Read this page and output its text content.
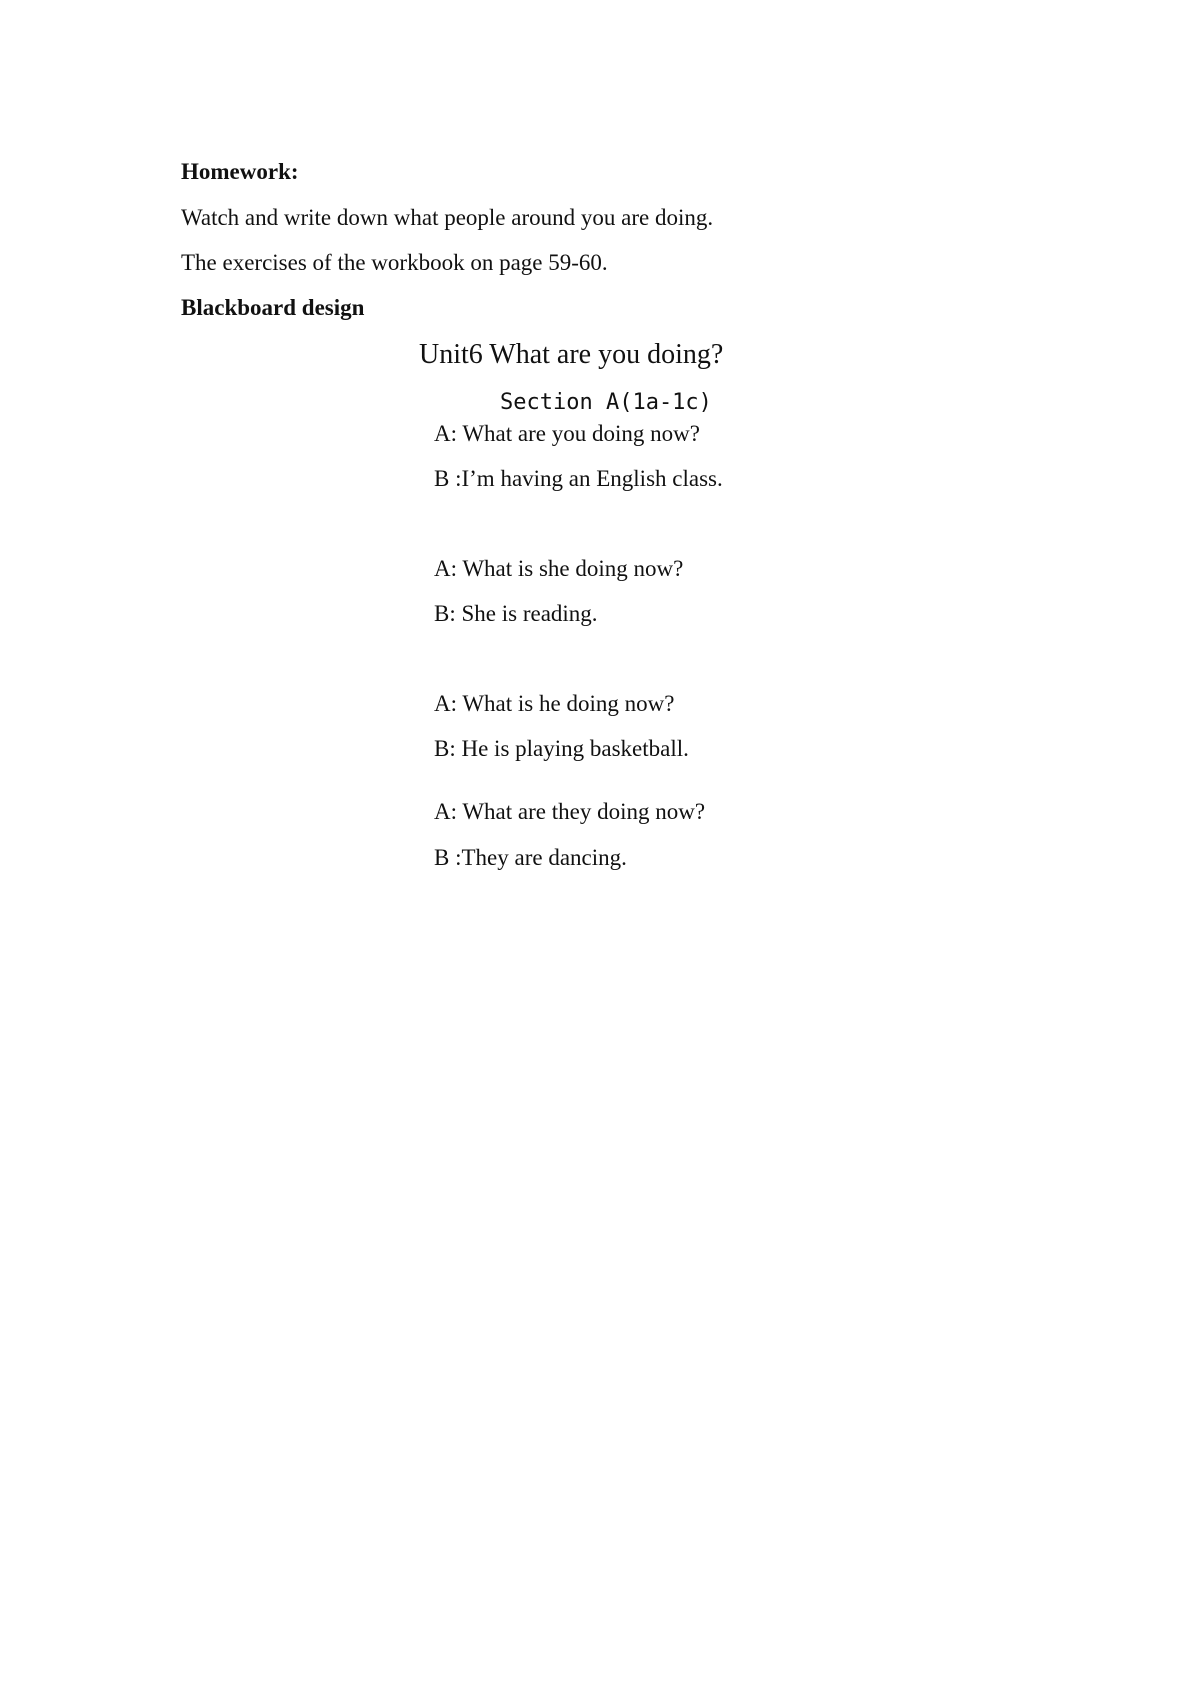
Homework:
Watch and write down what people around you are doing.
The exercises of the workbook on page 59-60.
Blackboard design
Unit6 What are you doing?
Section A(1a-1c)
A: What are you doing now?
B :I’m having an English class.
A: What is she doing now?
B: She is reading.
A: What is he doing now?
B: He is playing basketball.
A: What are they doing now?
B :They are dancing.
